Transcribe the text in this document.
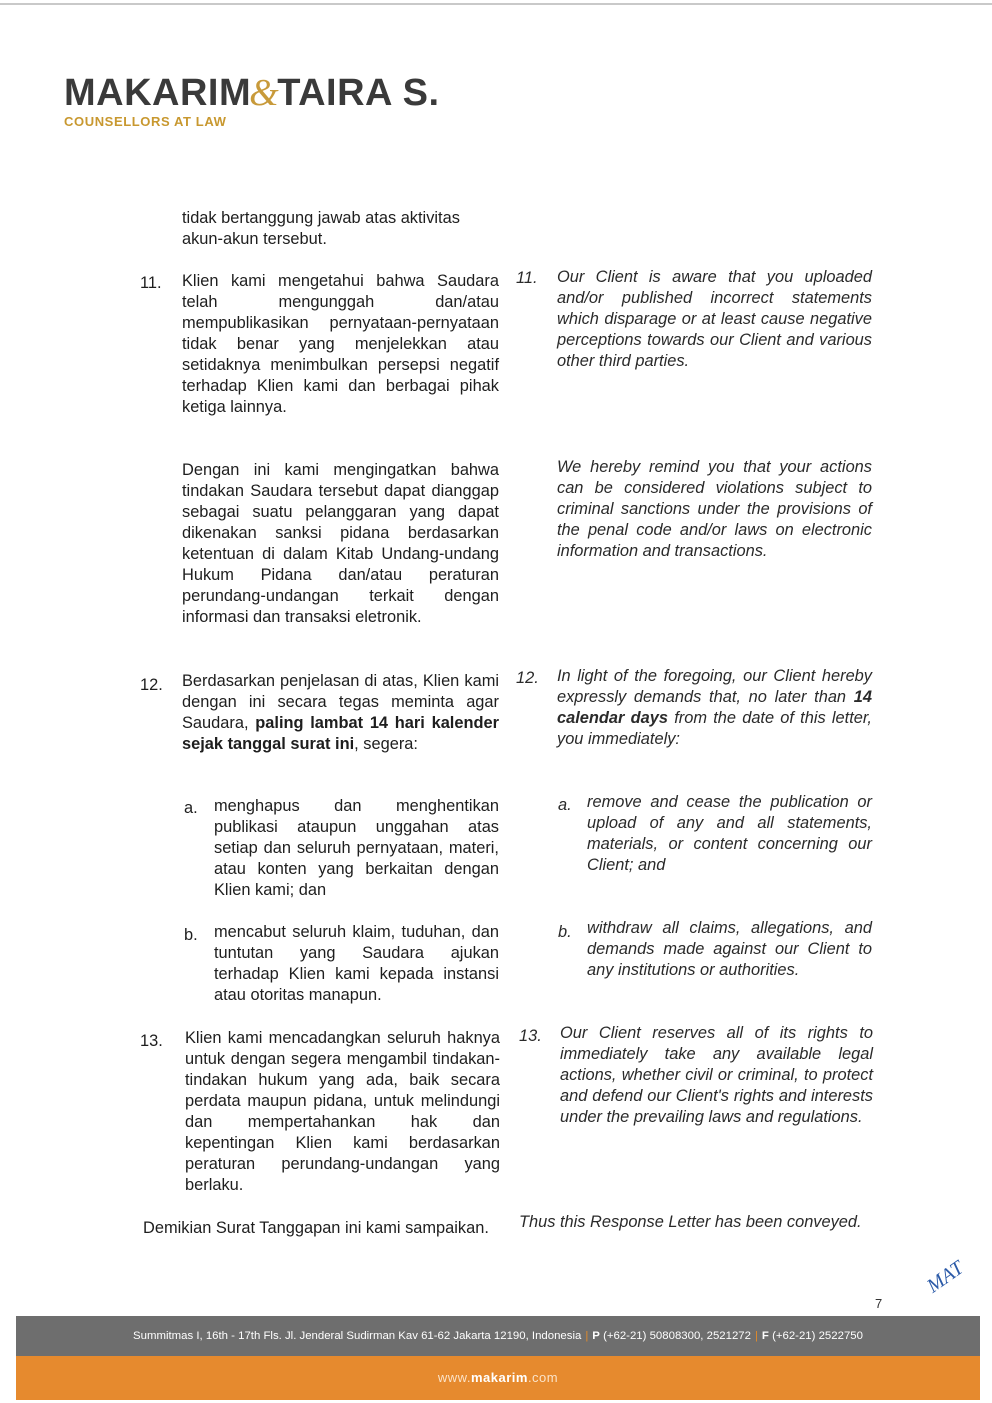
MAKARIM&TAIRA S.
COUNSELLORS AT LAW
tidak bertanggung jawab atas aktivitas akun-akun tersebut.
11. Klien kami mengetahui bahwa Saudara telah mengunggah dan/atau mempublikasikan pernyataan-pernyataan tidak benar yang menjelekkan atau setidaknya menimbulkan persepsi negatif terhadap Klien kami dan berbagai pihak ketiga lainnya.
11. Our Client is aware that you uploaded and/or published incorrect statements which disparage or at least cause negative perceptions towards our Client and various other third parties.
Dengan ini kami mengingatkan bahwa tindakan Saudara tersebut dapat dianggap sebagai suatu pelanggaran yang dapat dikenakan sanksi pidana berdasarkan ketentuan di dalam Kitab Undang-undang Hukum Pidana dan/atau peraturan perundang-undangan terkait dengan informasi dan transaksi eletronik.
We hereby remind you that your actions can be considered violations subject to criminal sanctions under the provisions of the penal code and/or laws on electronic information and transactions.
12. Berdasarkan penjelasan di atas, Klien kami dengan ini secara tegas meminta agar Saudara, paling lambat 14 hari kalender sejak tanggal surat ini, segera:
12. In light of the foregoing, our Client hereby expressly demands that, no later than 14 calendar days from the date of this letter, you immediately:
a. menghapus dan menghentikan publikasi ataupun unggahan atas setiap dan seluruh pernyataan, materi, atau konten yang berkaitan dengan Klien kami; dan
a. remove and cease the publication or upload of any and all statements, materials, or content concerning our Client; and
b. mencabut seluruh klaim, tuduhan, dan tuntutan yang Saudara ajukan terhadap Klien kami kepada instansi atau otoritas manapun.
b. withdraw all claims, allegations, and demands made against our Client to any institutions or authorities.
13. Klien kami mencadangkan seluruh haknya untuk dengan segera mengambil tindakan-tindakan hukum yang ada, baik secara perdata maupun pidana, untuk melindungi dan mempertahankan hak dan kepentingan Klien kami berdasarkan peraturan perundang-undangan yang berlaku.
13. Our Client reserves all of its rights to immediately take any available legal actions, whether civil or criminal, to protect and defend our Client's rights and interests under the prevailing laws and regulations.
Demikian Surat Tanggapan ini kami sampaikan.	Thus this Response Letter has been conveyed.
MAT
7
Summitmas I, 16th - 17th Fls. Jl. Jenderal Sudirman Kav 61-62 Jakarta 12190, Indonesia | P (+62-21) 50808300, 2521272 | F (+62-21) 2522750
www.makarim.com
